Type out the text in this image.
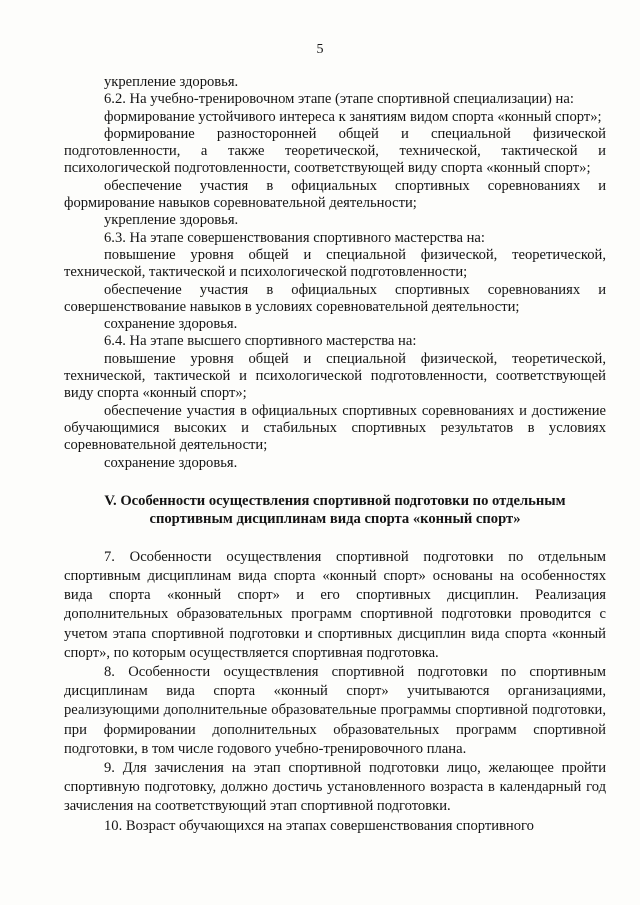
5

укрепление здоровья.

6.2. На учебно-тренировочном этапе (этапе спортивной специализации) на:

формирование устойчивого интереса к занятиям видом спорта «конный спорт»;

формирование разносторонней общей и специальной физической подготовленности, а также теоретической, технической, тактической и психологической подготовленности, соответствующей виду спорта «конный спорт»;

обеспечение участия в официальных спортивных соревнованиях и формирование навыков соревновательной деятельности;

укрепление здоровья.

6.3. На этапе совершенствования спортивного мастерства на:

повышение уровня общей и специальной физической, теоретической, технической, тактической и психологической подготовленности;

обеспечение участия в официальных спортивных соревнованиях и совершенствование навыков в условиях соревновательной деятельности;

сохранение здоровья.

6.4. На этапе высшего спортивного мастерства на:

повышение уровня общей и специальной физической, теоретической, технической, тактической и психологической подготовленности, соответствующей виду спорта «конный спорт»;

обеспечение участия в официальных спортивных соревнованиях и достижение обучающимися высоких и стабильных спортивных результатов в условиях соревновательной деятельности;

сохранение здоровья.

V. Особенности осуществления спортивной подготовки по отдельным
спортивным дисциплинам вида спорта «конный спорт»

7. Особенности осуществления спортивной подготовки по отдельным спортивным дисциплинам вида спорта «конный спорт» основаны на особенностях вида спорта «конный спорт» и его спортивных дисциплин. Реализация дополнительных образовательных программ спортивной подготовки проводится с учетом этапа спортивной подготовки и спортивных дисциплин вида спорта «конный спорт», по которым осуществляется спортивная подготовка.

8. Особенности осуществления спортивной подготовки по спортивным дисциплинам вида спорта «конный спорт» учитываются организациями, реализующими дополнительные образовательные программы спортивной подготовки, при формировании дополнительных образовательных программ спортивной подготовки, в том числе годового учебно-тренировочного плана.

9. Для зачисления на этап спортивной подготовки лицо, желающее пройти спортивную подготовку, должно достичь установленного возраста в календарный год зачисления на соответствующий этап спортивной подготовки.

10. Возраст обучающихся на этапах совершенствования спортивного
